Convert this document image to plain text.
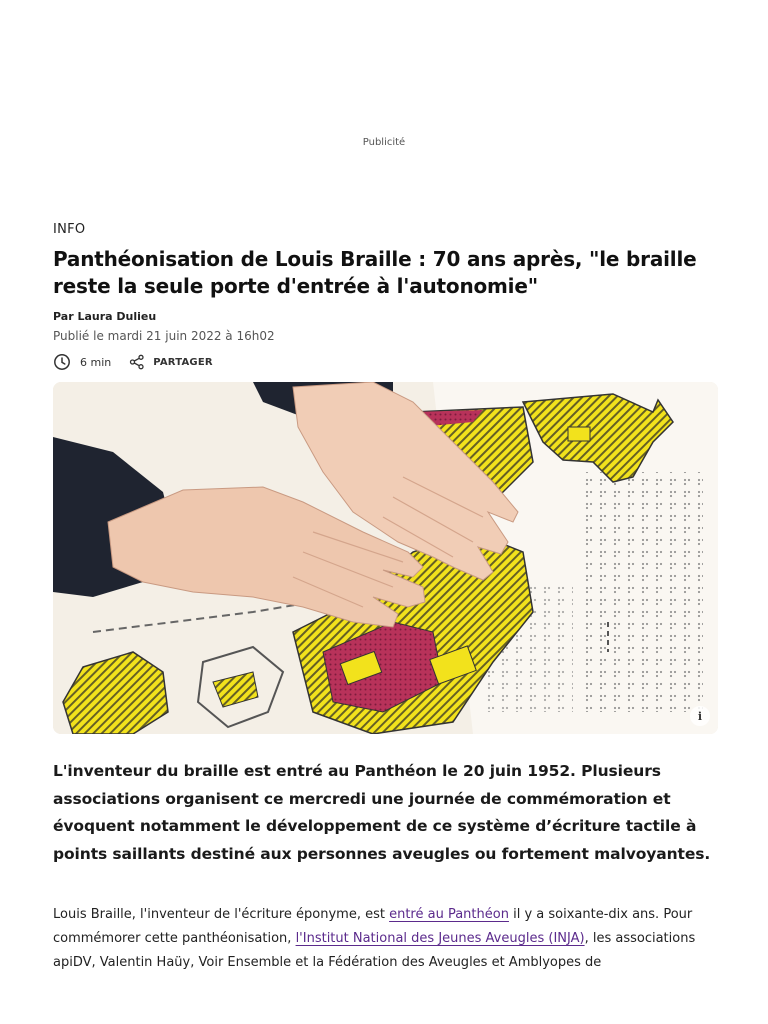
Publicité
INFO
Panthéonisation de Louis Braille : 70 ans après, "le braille reste la seule porte d'entrée à l'autonomie"
Par Laura Dulieu
Publié le mardi 21 juin 2022 à 16h02
6 min	PARTAGER
i

L'inventeur du braille est entré au Panthéon le 20 juin 1952. Plusieurs associations organisent ce mercredi une journée de commémoration et évoquent notamment le développement de ce système d’écriture tactile à points saillants destiné aux personnes aveugles ou fortement malvoyantes.

Louis Braille, l'inventeur de l'écriture éponyme, est entré au Panthéon il y a soixante-dix ans. Pour commémorer cette panthéonisation, l'Institut National des Jeunes Aveugles (INJA), les associations apiDV, Valentin Haüy, Voir Ensemble et la Fédération des Aveugles et Amblyopes de
